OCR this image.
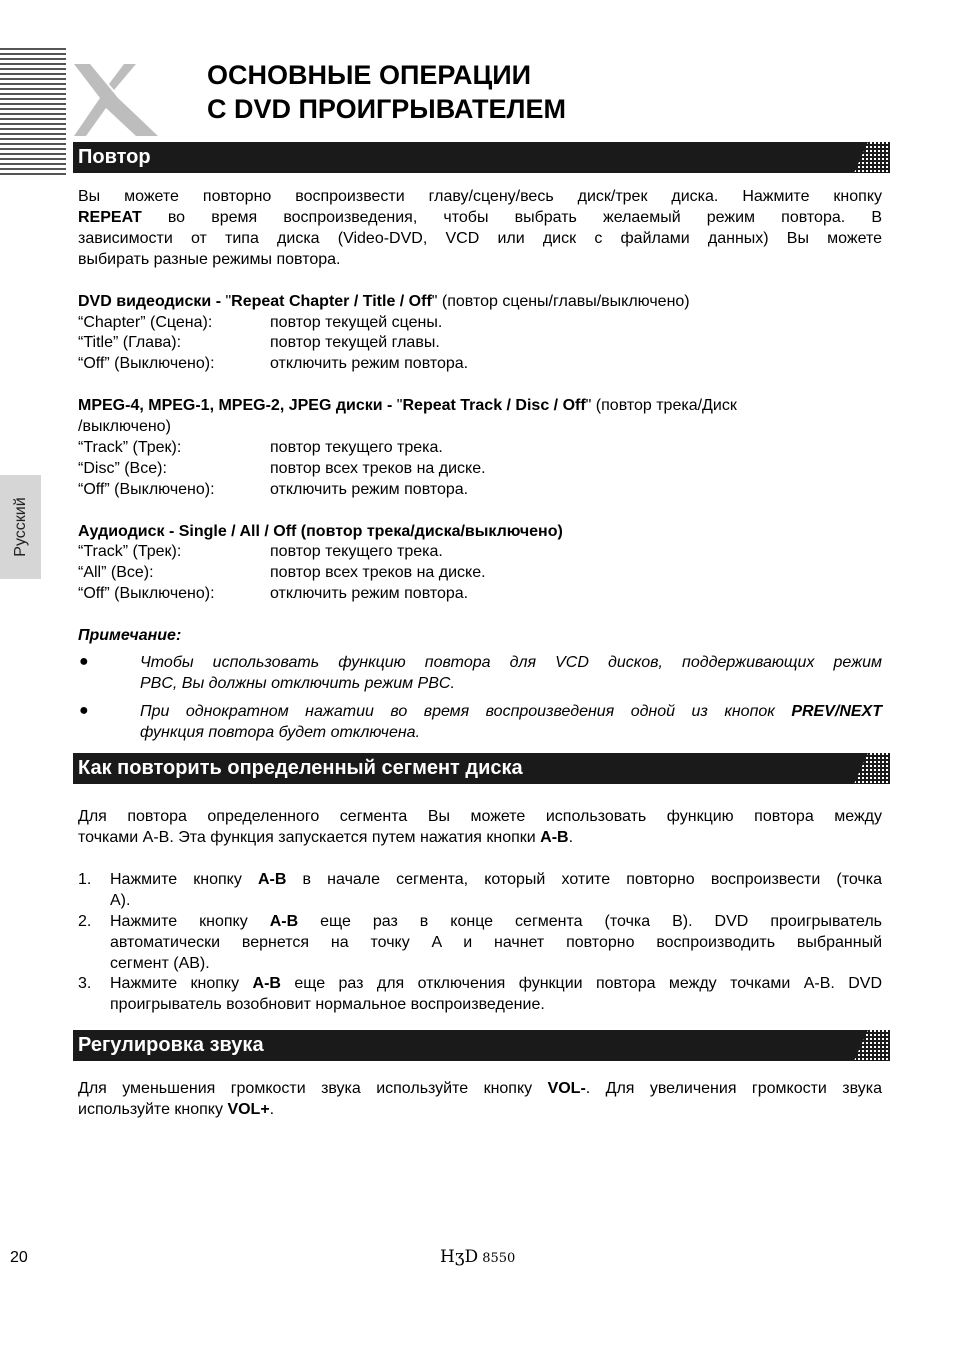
ОСНОВНЫЕ ОПЕРАЦИИ
С DVD ПРОИГРЫВАТЕЛЕМ
Русский
Повтор
Вы можете повторно воспроизвести главу/сцену/весь диск/трек диска. Нажмите кнопку
REPEAT во время воспроизведения, чтобы выбрать желаемый режим повтора. В
зависимости от типа диска (Video-DVD, VCD или диск с файлами данных) Вы можете
выбирать разные режимы повтора.
DVD видеодиски - "Repeat Chapter / Title / Off" (повтор сцены/главы/выключено)
“Chapter” (Сцена):	повтор текущей сцены.
“Title” (Глава):	повтор текущей главы.
“Off” (Выключено):	отключить режим повтора.
MPEG-4, MPEG-1, MPEG-2, JPEG диски - "Repeat Track / Disc / Off" (повтор трека/Диск
/выключено)
“Track” (Трек):	повтор текущего трека.
“Disc” (Все):	повтор всех треков на диске.
“Off” (Выключено):	отключить режим повтора.
Аудиодиск - Single / All / Off (повтор трека/диска/выключено)
“Track” (Трек):	повтор текущего трека.
“All” (Все):	повтор всех треков на диске.
“Off” (Выключено):	отключить режим повтора.
Примечание:
●	Чтобы использовать функцию повтора для VCD дисков, поддерживающих режим
PBC, Вы должны отключить режим PBC.
●	При однократном нажатии во время воспроизведения одной из кнопок PREV/NEXT
функция повтора будет отключена.
Как повторить определенный сегмент диска
Для повтора определенного сегмента Вы можете использовать функцию повтора между
точками A-B. Эта функция запускается путем нажатия кнопки A-B.
1. Нажмите кнопку A-B в начале сегмента, который хотите повторно воспроизвести (точка
A).
2. Нажмите кнопку A-B еще раз в конце сегмента (точка B). DVD проигрыватель
автоматически вернется на точку A и начнет повторно воспроизводить выбранный
сегмент (AB).
3. Нажмите кнопку A-B еще раз для отключения функции повтора между точками A-B. DVD
проигрыватель возобновит нормальное воспроизведение.
Регулировка звука
Для уменьшения громкости звука используйте кнопку VOL-. Для увеличения громкости звука
используйте кнопку VOL+.
20	HʒD 8550
